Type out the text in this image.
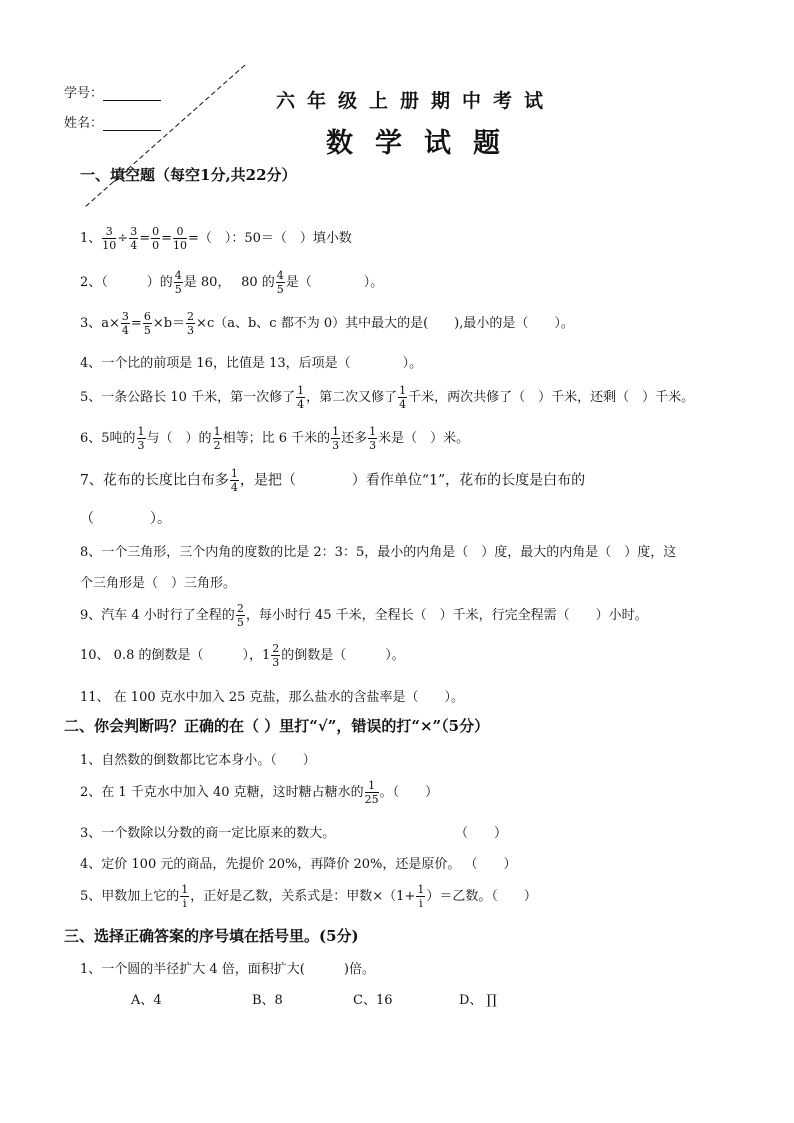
学号：
姓名：
六年级上册期中考试
数学试题
一、填空题（每空1分,共22分）
1、 $\frac{3}{10} \div \frac{3}{4} = \frac{0}{0} = \frac{0}{10}$ =（　）：50＝（　）填小数
2、（　　　）的 $\frac{4}{5}$ 是 80，　 80 的 $\frac{4}{5}$ 是（　　　　）。
3、$a\times \frac{3}{4} = \frac{6}{5} \times b= \frac{2}{3} \times c(a$、b、c 都不为 0）其中最大的是(　　),最小的是（　　）。
4、一个比的前项是 16，比值是 13，后项是（　　　　）。
5、一条公路长 10 千米，第一次修了 $\frac{1}{4}$ ，第二次又修了 $\frac{1}{4}$ 千米，两次共修了（　）千米，还剩（　）千米。
6、5吨的 $\frac{1}{3}$ 与（　）的 $\frac{1}{2}$ 相等；比 6 千米的 $\frac{1}{3}$ 还多 $\frac{1}{3}$ 米是（　）米。
7、花布的长度比白布多 $\frac{1}{4}$ ，是把（　　　　）看作单位“1”，花布的长度是白布的
（　　　　）。
8、一个三角形，三个内角的度数的比是 2：3：5，最小的内角是（　）度，最大的内角是（　）度，这
个三角形是（　）三角形。
9、汽车 4 小时行了全程的 $\frac{2}{5}$ ，每小时行 45 千米，全程长（　）千米，行完全程需（　　）小时。
10、 0.8 的倒数是（　　　），$1 \frac{2}{3}$ 的倒数是（　　　）。
11、 在 100 克水中加入 25 克盐，那么盐水的含盐率是（　　）。
二、你会判断吗？正确的在（ ）里打“√”，错误的打“×”（5分）
1、自然数的倒数都比它本身小。（　　）
2、在 1 千克水中加入 40 克糖，这时糖占糖水的 $\frac{1}{25}$ 。（　　）
3、一个数除以分数的商一定比原来的数大。	（　　）
4、定价 100 元的商品，先提价 20%，再降价 20%，还是原价。 （　　）
5、甲数加上它的 $\frac{1}{i}$ ，正好是乙数，关系式是：甲数$\times(1+ \frac{1}{i}$ ）＝乙数。（　　）
三、选择正确答案的序号填在括号里。(5分)
1、一个圆的半径扩大 4 倍，面积扩大(　　　)倍。
A、4	B、8	C、16	D、 ∏
